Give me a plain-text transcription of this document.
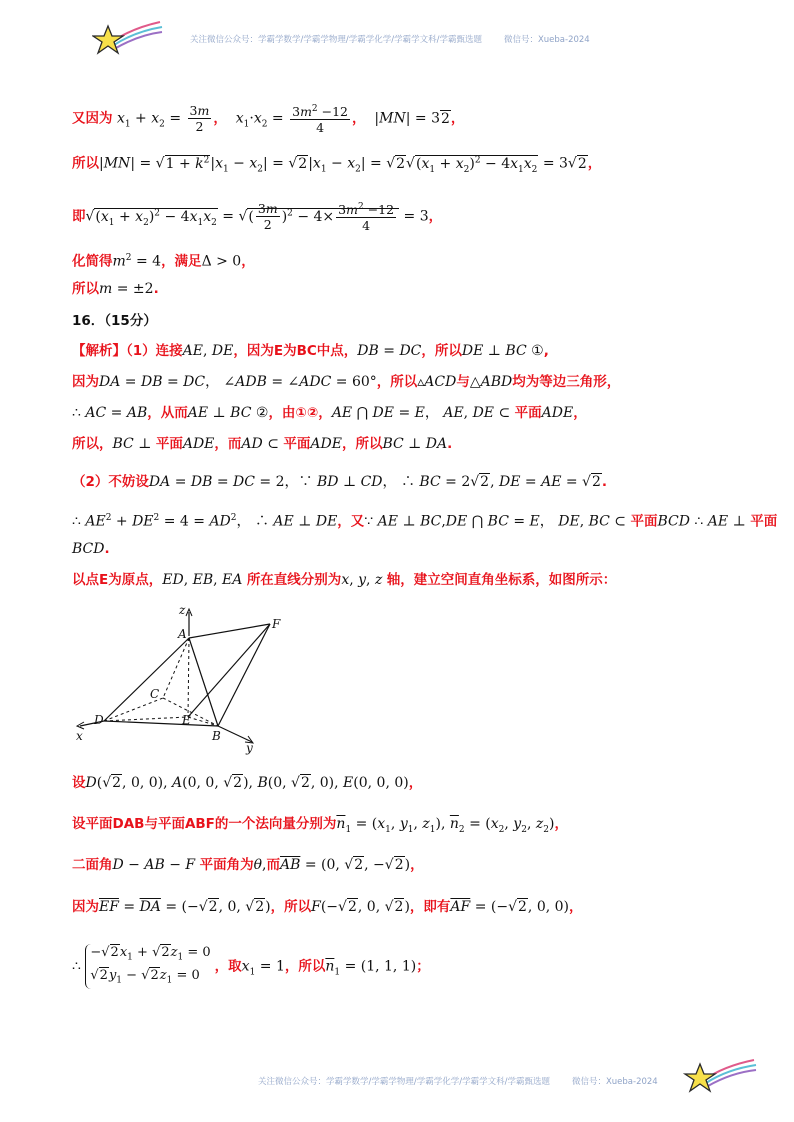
关注微信公众号：学霸学数学/学霸学物理/学霸学化学/学霸学文科/学霸甄选题	微信号：Xueba-2024
又因为 $x_1 + x_2 = \frac{3m}{2}$ ， $x_1\cdot x_2 = \frac{3m^2 -12}{4}$ ，  |MN| = 32，
所以$|MN| = √1 + k^2|x_1 - x_2| = √2|x_1 - x_2| = √2√(x_1 + x_2)^2 - 4x_1x_2 = 3√2$，
即$√(x_1 + x_2)^2 - 4x_1x_2$ = √( $\frac{3m}{2} )^2 - 4\times \frac{3m^2 -12}{4} = 3$，
化简得$m^2 = 4$，满足Δ > 0，
所以m = ±2.
16．（15分）
【解析】（1）连接AE, DE，因为E为BC中点，DB = DC，所以DE ⊥ BC ①,
因为DA = DB = DC， ∠ADB = ∠ADC = 60°，所以▵ACD与△ABD均为等边三角形，
∴ AC = AB，从而AE ⊥ BC ②，由①②，AE ⋂ DE = E， AE, DE ⊂ 平面ADE，
所以，BC ⊥ 平面ADE，而AD ⊂ 平面ADE，所以BC ⊥ DA.
（2）不妨设DA = DB = DC = 2，∵ BD ⊥ CD， ∴ BC = 2√2, DE = AE = √2.
∴ $AE^2 + DE^2 = 4 = AD^2$， ∴ AE ⊥ DE，又∵ AE ⊥ BC,DE ⋂ BC = E， DE, BC ⊂ 平面BCD ∴ AE ⊥ 平面
BCD.
以点E为原点，ED, EB, EA 所在直线分别为x, y, z 轴，建立空间直角坐标系，如图所示：
z
A
F
C
D	E
B
x
y
设D(√2, 0, 0), A(0, 0, √2), B(0, √2, 0), E(0, 0, 0)，
设平面DAB与平面ABF的一个法向量分别为$\overline{n}_1 = (x_1$, $y_1$, $z_1$), $\overline{n}_2 = (x_2$, $y_2$, $z_2$)，
二面角D − AB − F 平面角为θ,而$\overline{AB} = (0$, √2, −√2)，
因为$\overline{EF} = \overline{DA} = (-√2$, 0, √2)，所以F(−√2, 0, √2)，即有$\overline{AF} = (-√2$, 0, 0)，
∴ $-√2x_1 + √2z_1 = 0$
$√2y_1 - √2z_1 = 0$，取$x_1 = 1$，所以$\overline{n}_1 = (1$, 1, 1)；
关注微信公众号：学霸学数学/学霸学物理/学霸学化学/学霸学文科/学霸甄选题	微信号：Xueba-2024
